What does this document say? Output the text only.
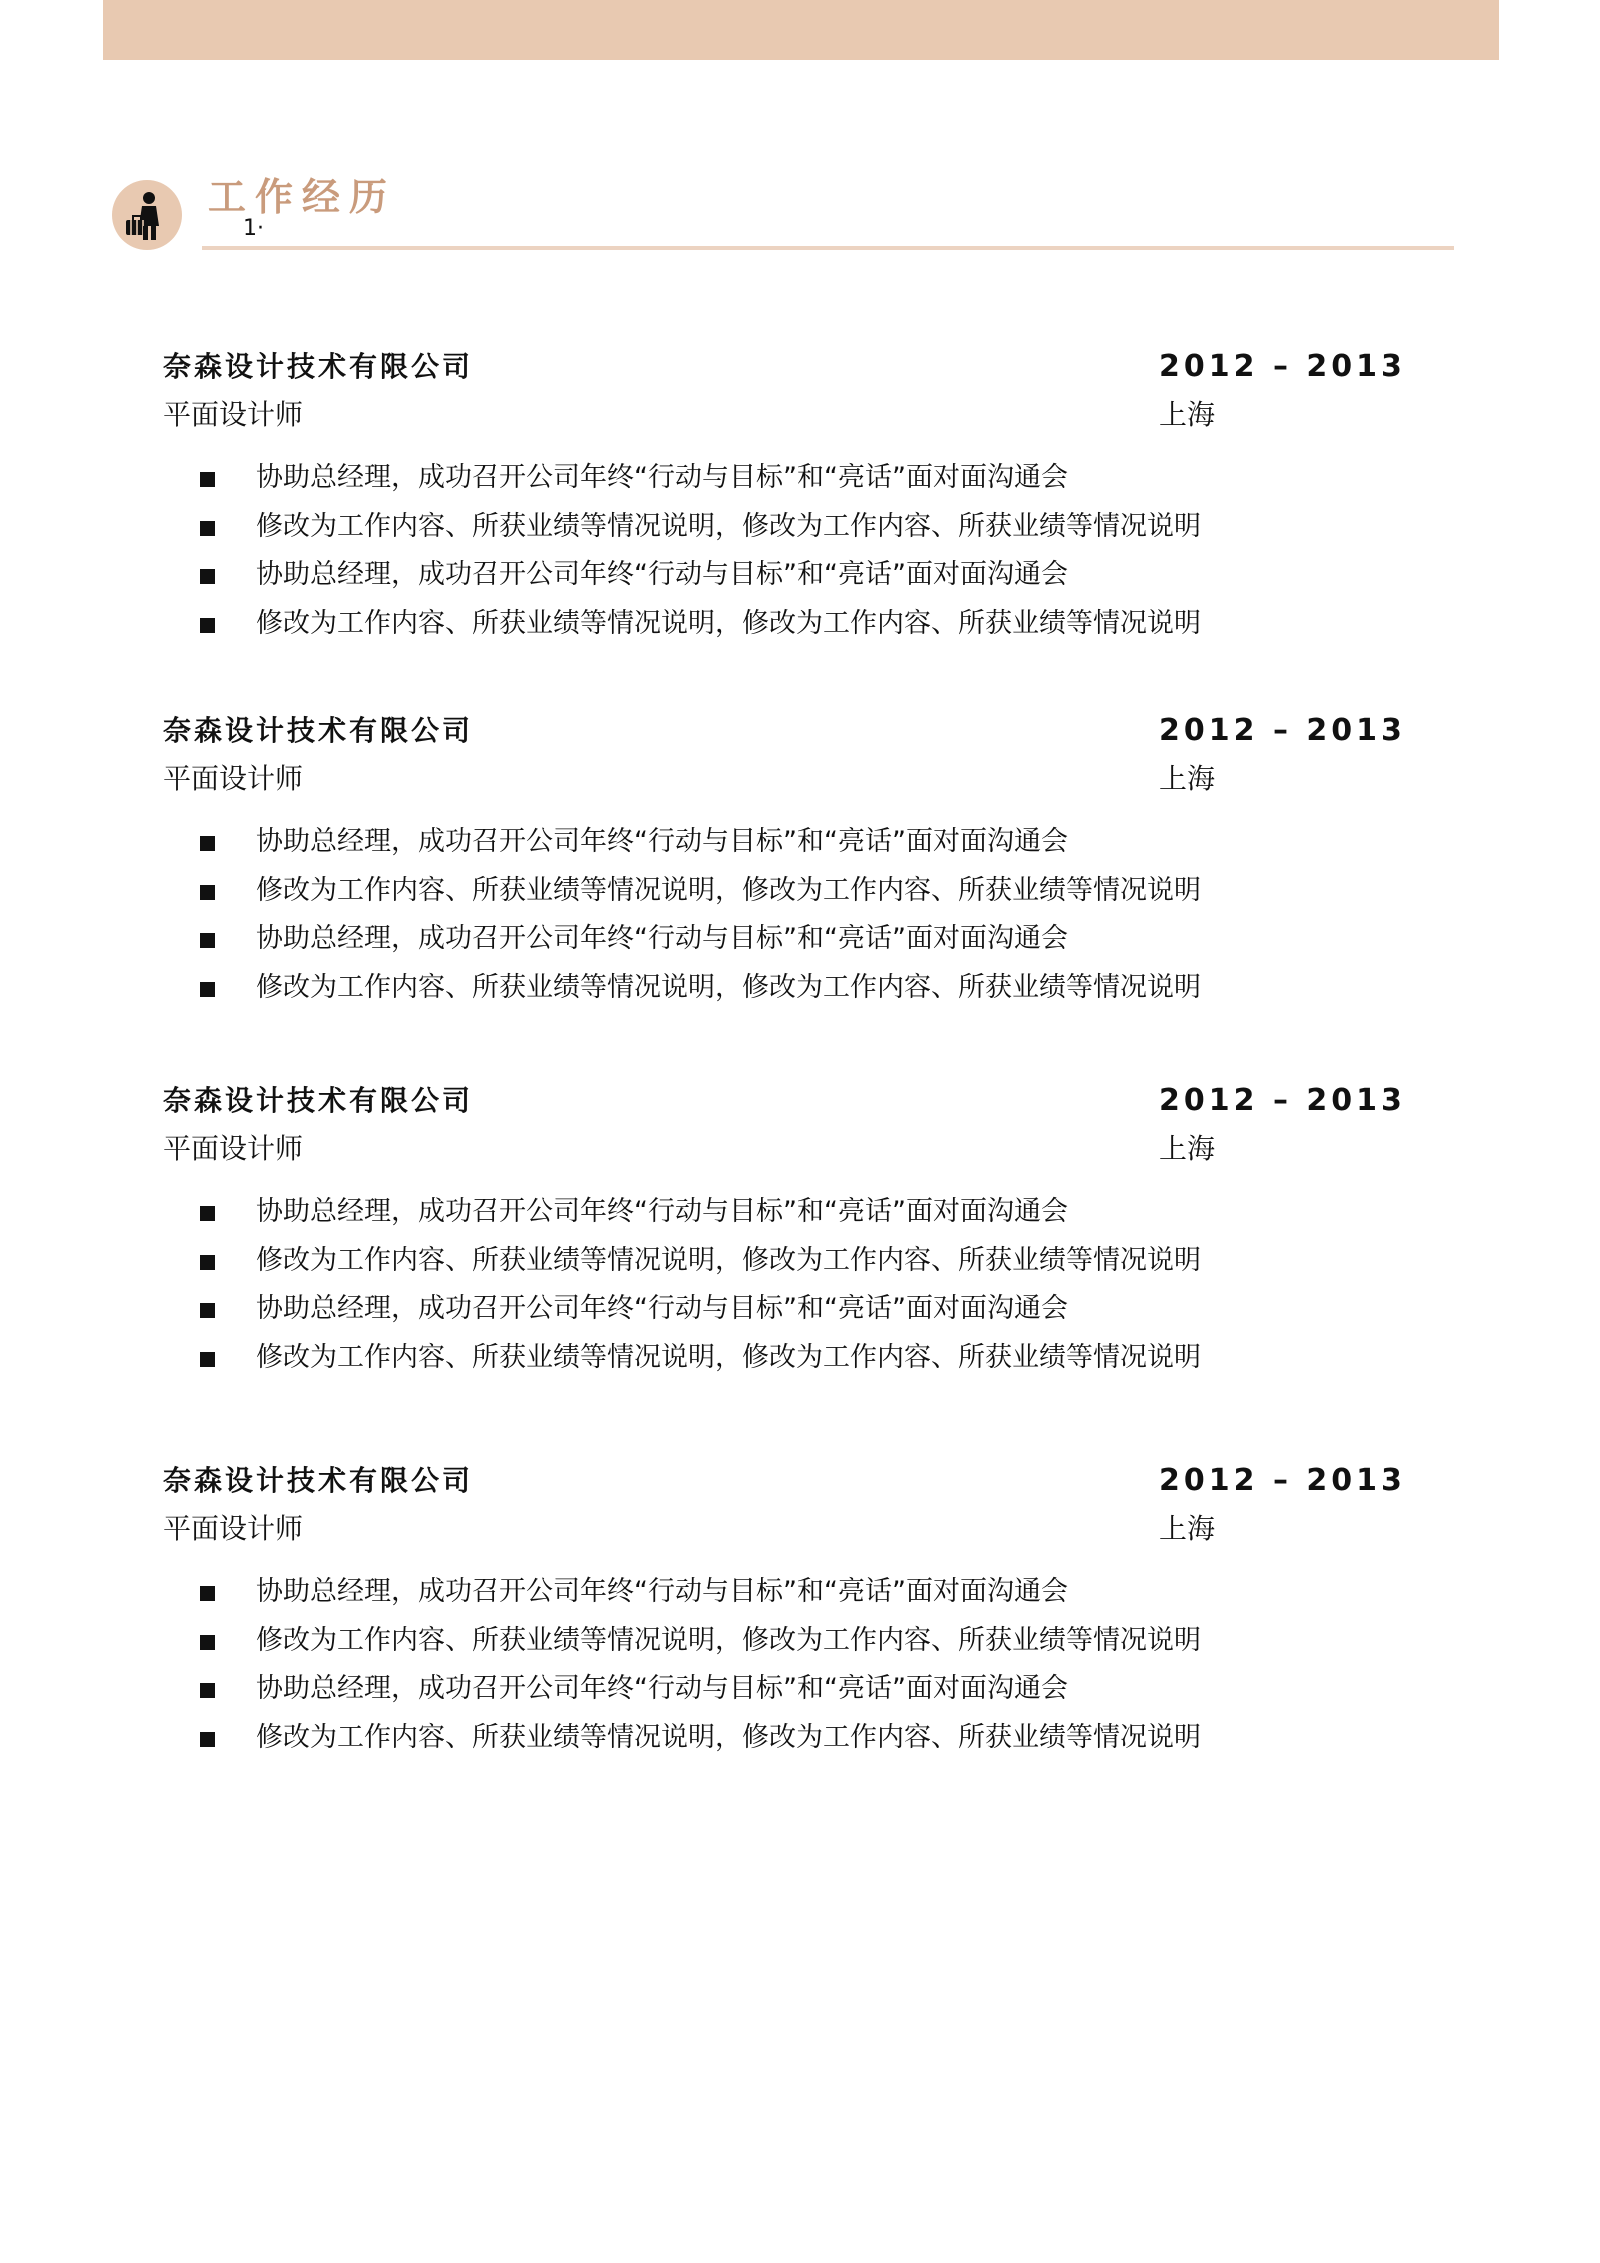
工作经历
1·
奈森设计技术有限公司	2012 – 2013
平面设计师	上海
协助总经理，成功召开公司年终“行动与目标”和“亮话”面对面沟通会
修改为工作内容、所获业绩等情况说明，修改为工作内容、所获业绩等情况说明
协助总经理，成功召开公司年终“行动与目标”和“亮话”面对面沟通会
修改为工作内容、所获业绩等情况说明，修改为工作内容、所获业绩等情况说明
奈森设计技术有限公司	2012 – 2013
平面设计师	上海
协助总经理，成功召开公司年终“行动与目标”和“亮话”面对面沟通会
修改为工作内容、所获业绩等情况说明，修改为工作内容、所获业绩等情况说明
协助总经理，成功召开公司年终“行动与目标”和“亮话”面对面沟通会
修改为工作内容、所获业绩等情况说明，修改为工作内容、所获业绩等情况说明
奈森设计技术有限公司	2012 – 2013
平面设计师	上海
协助总经理，成功召开公司年终“行动与目标”和“亮话”面对面沟通会
修改为工作内容、所获业绩等情况说明，修改为工作内容、所获业绩等情况说明
协助总经理，成功召开公司年终“行动与目标”和“亮话”面对面沟通会
修改为工作内容、所获业绩等情况说明，修改为工作内容、所获业绩等情况说明
奈森设计技术有限公司	2012 – 2013
平面设计师	上海
协助总经理，成功召开公司年终“行动与目标”和“亮话”面对面沟通会
修改为工作内容、所获业绩等情况说明，修改为工作内容、所获业绩等情况说明
协助总经理，成功召开公司年终“行动与目标”和“亮话”面对面沟通会
修改为工作内容、所获业绩等情况说明，修改为工作内容、所获业绩等情况说明
